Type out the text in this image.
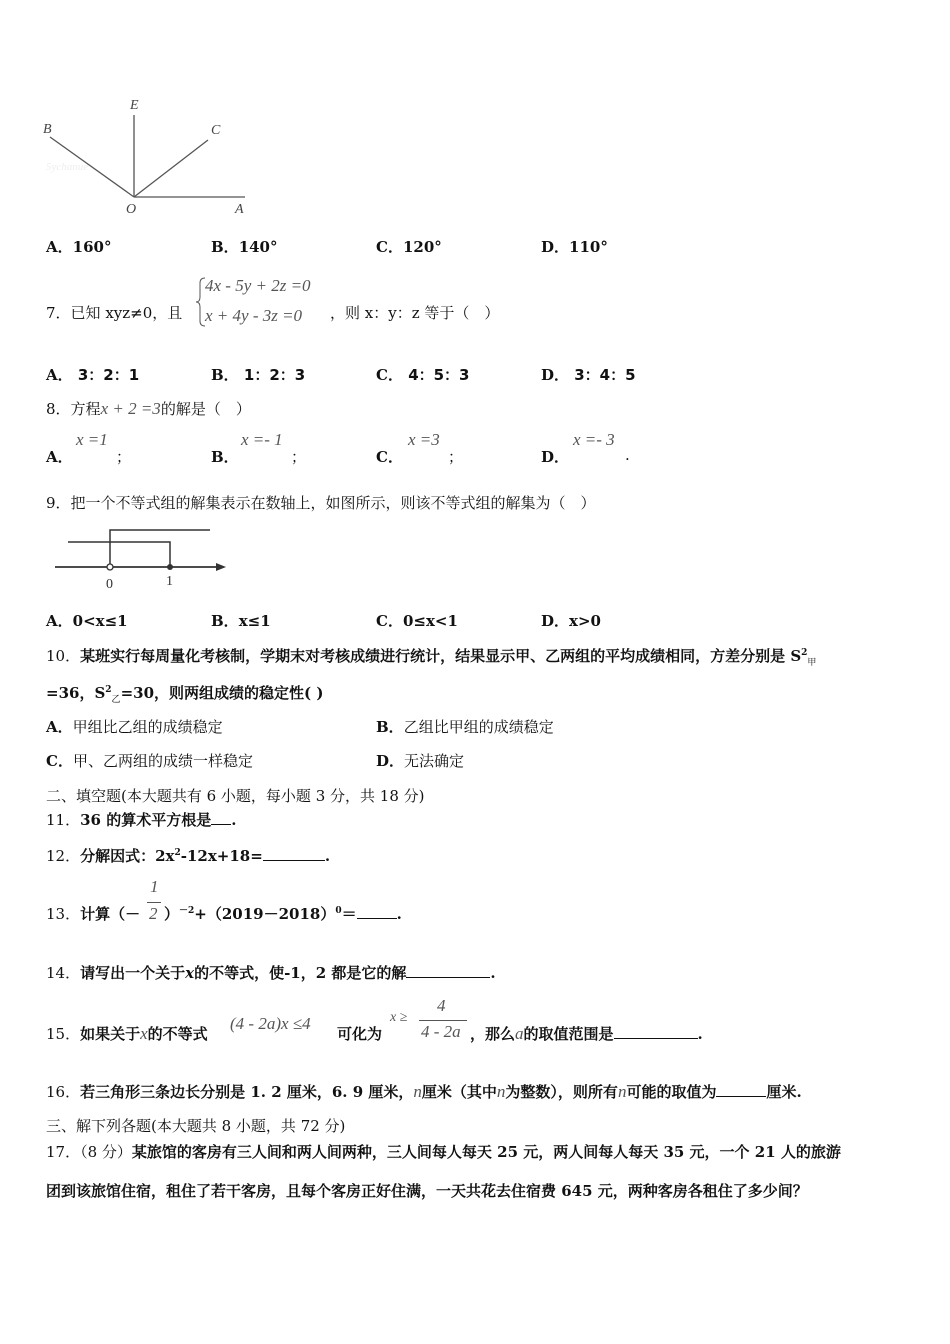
5ychanue
E
B	C
O	A
A．160°	B．140°	C．120°	D．110°
7．已知 xyz≠0，且
4x - 5y + 2z =0
x + 4y - 3z =0 ，则 x：y：z 等于（　）
A． 3：2：1	B． 1：2：3	C． 4：5：3	D． 3：4：5
8．方程x + 2 =3的解是（　）
A．
x =1
；	B．
x =- 1
；	C．
x =3
；	D．
x =- 3
.
9．把一个不等式组的解集表示在数轴上，如图所示，则该不等式组的解集为（　）
0	1
A．0<x≤1	B．x≤1	C．0≤x<1	D．x>0
10．某班实行每周量化考核制，学期末对考核成绩进行统计，结果显示甲、乙两组的平均成绩相同，方差分别是 $S^2_甲$
=36，$S^2_乙=30$，则两组成绩的稳定性( )
A．甲组比乙组的成绩稳定	B．乙组比甲组的成绩稳定
C．甲、乙两组的成绩一样稳定	D．无法确定
二、填空题(本大题共有 6 小题，每小题 3 分，共 18 分)
11．36 的算术平方根是 .
12．分解因式：$2x^2-12x+18=$	.
13．计算（－
1
2 ）$^{-2}+(2019-2018)^0=$	.
14．请写出一个关于x的不等式，使-1，2 都是它的解	.
15．如果关于x的不等式
(4 - 2a)x ≤4
可化为
x ≥
4
4 - 2a ，那么a的取值范围是	.
16．若三角形三条边长分别是 1. 2 厘米，6. 9 厘米，n厘米（其中n为整数），则所有n可能的取值为	厘米.
三、解下列各题(本大题共 8 小题，共 72 分)
17．（8 分）某旅馆的客房有三人间和两人间两种，三人间每人每天 25 元，两人间每人每天 35 元，一个 21 人的旅游
团到该旅馆住宿，租住了若干客房，且每个客房正好住满，一天共花去住宿费 645 元，两种客房各租住了多少间？
